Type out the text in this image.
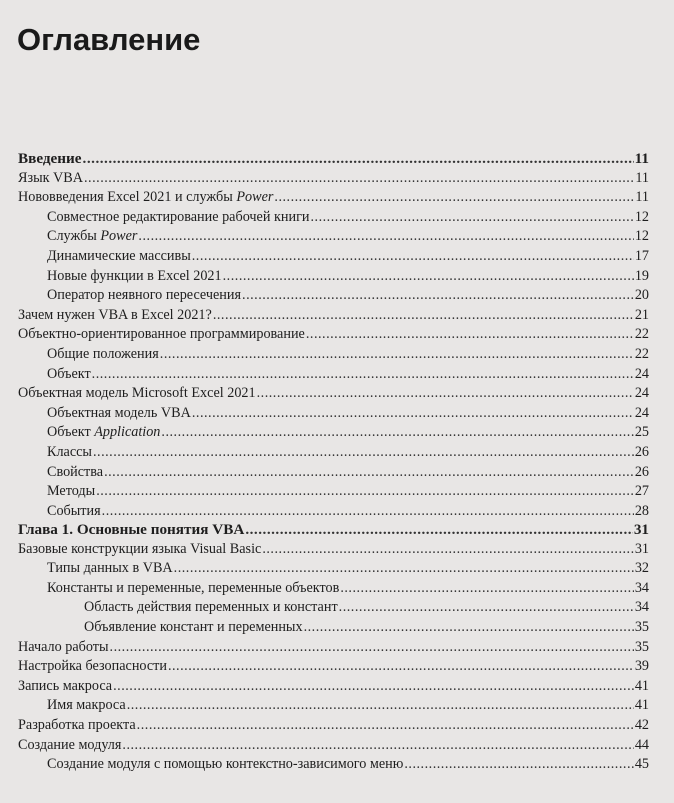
Оглавление
Введение .....	11
Язык VBA .....	11
Нововведения Excel 2021 и службы Power .....	11
Совместное редактирование рабочей книги .....	12
Службы Power .....	12
Динамические массивы .....	17
Новые функции в Excel 2021 .....	19
Оператор неявного пересечения .....	20
Зачем нужен VBA в Excel 2021? .....	21
Объектно-ориентированное программирование .....	22
Общие положения .....	22
Объект .....	24
Объектная модель Microsoft Excel 2021 .....	24
Объектная модель VBA .....	24
Объект Application .....	25
Классы .....	26
Свойства .....	26
Методы .....	27
События .....	28
Глава 1. Основные понятия VBA .....	31
Базовые конструкции языка Visual Basic .....	31
Типы данных в VBA .....	32
Константы и переменные, переменные объектов .....	34
Область действия переменных и констант .....	34
Объявление констант и переменных .....	35
Начало работы .....	35
Настройка безопасности .....	39
Запись макроса .....	41
Имя макроса .....	41
Разработка проекта .....	42
Создание модуля .....	44
Создание модуля с помощью контекстно-зависимого меню .....	45
